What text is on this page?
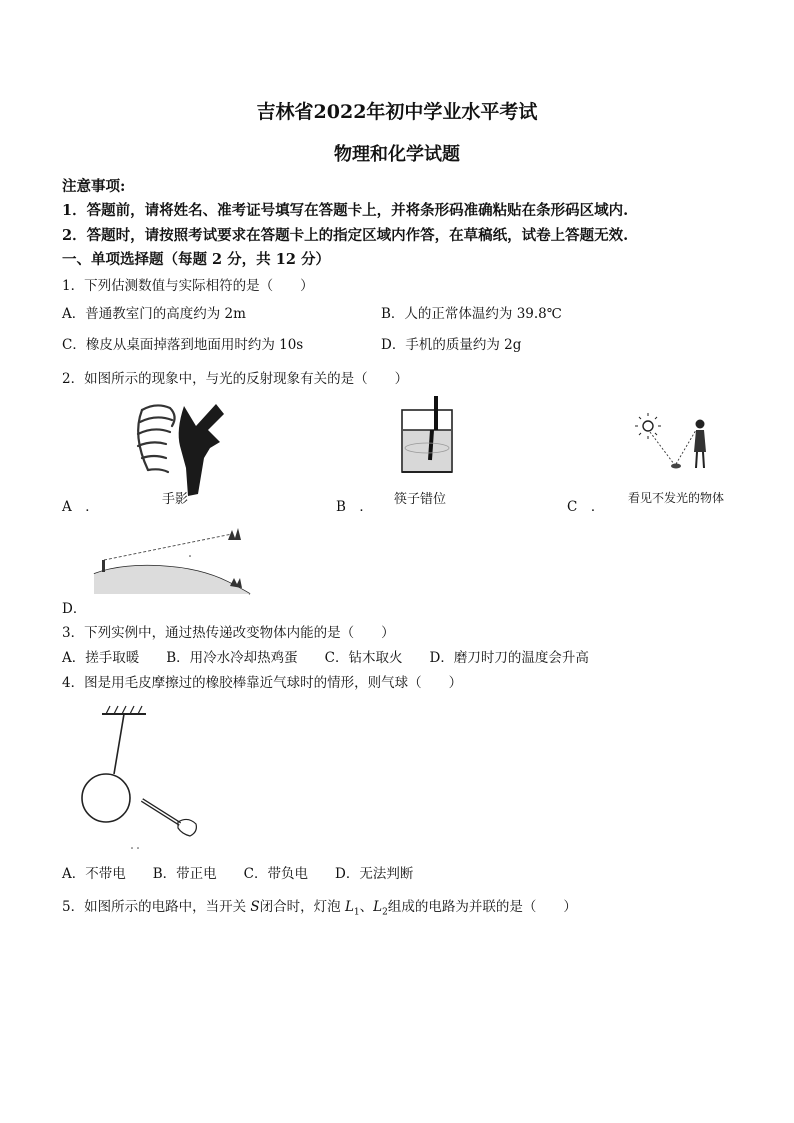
吉林省2022年初中学业水平考试
物理和化学试题
注意事项:
1．答题前，请将姓名、准考证号填写在答题卡上，并将条形码准确粘贴在条形码区域内.
2．答题时，请按照考试要求在答题卡上的指定区域内作答，在草稿纸，试卷上答题无效.
一、单项选择题（每题 2 分，共 12 分）
1．下列估测数值与实际相符的是（　　）
A．普通教室门的高度约为 2m	B．人的正常体温约为 39.8℃
C．橡皮从桌面掉落到地面用时约为 10s	D．手机的质量约为 2g
2．如图所示的现象中，与光的反射现象有关的是（　　）
A　．	手影	B　． 筷子错位	C　．
看见不发光的物体
D．
3．下列实例中，通过热传递改变物体内能的是（　　）
A．搓手取暖　　B．用冷水冷却热鸡蛋　　C．钻木取火　　D．磨刀时刀的温度会升高
4．图是用毛皮摩擦过的橡胶棒靠近气球时的情形，则气球（　　）
A．不带电　　B．带正电　　C．带负电　　D．无法判断
5．如图所示的电路中，当开关 S闭合时，灯泡 $L_1$、$L_2$组成的电路为并联的是（　　）
